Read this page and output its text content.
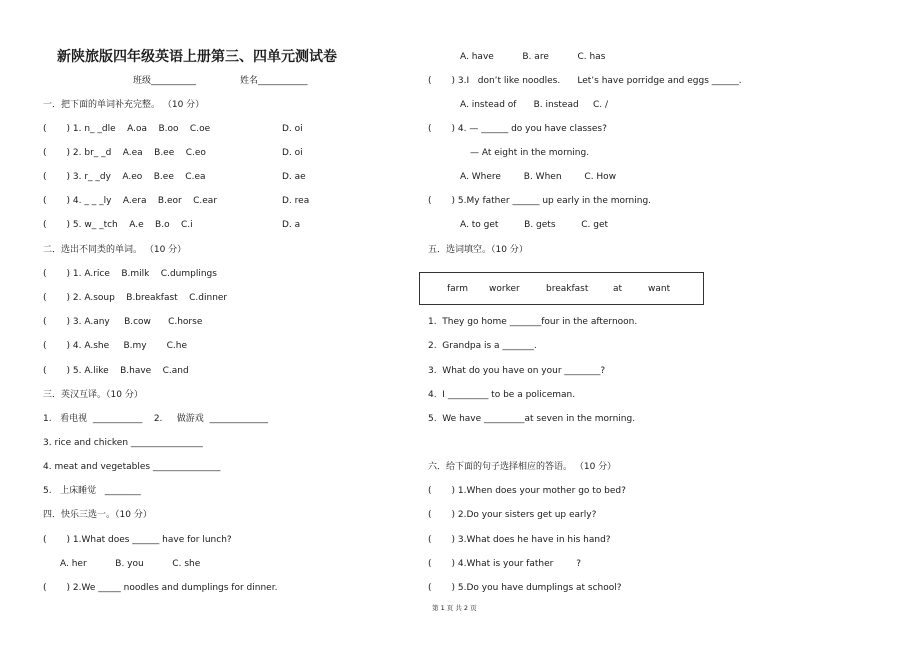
新陕旅版四年级英语上册第三、四单元测试卷
班级__________	姓名___________
一．把下面的单词补充完整。 （10 分）
(       ) 1. n_ _dle    A.oa    B.oo    C.oe	D. oi
(       ) 2. br_ _d    A.ea    B.ee    C.eo	D. oi
(       ) 3. r_ _dy    A.eo    B.ee    C.ea	D. ae
(       ) 4. _ _ _ly    A.era    B.eor    C.ear	D. rea
(       ) 5. w_ _tch    A.e    B.o    C.i	D. a
二．选出不同类的单词。 （10 分）
(       ) 1. A.rice    B.milk    C.dumplings
(       ) 2. A.soup    B.breakfast    C.dinner
(       ) 3. A.any     B.cow      C.horse
(       ) 4. A.she     B.my       C.he
(       ) 5. A.like    B.have    C.and
三．英汉互译。（10 分）
1.   看电视  ___________    2.     做游戏  _____________
3. rice and chicken ________________
4. meat and vegetables _______________
5.   上床睡觉   ________
四．快乐三选一。（10 分）
(       ) 1.What does ______ have for lunch?
A. her          B. you          C. she
(       ) 2.We _____ noodles and dumplings for dinner.
A. have          B. are          C. has
(       ) 3.I   don’t like noodles.      Let’s have porridge and eggs ______.
A. instead of      B. instead     C. /
(       ) 4. — ______ do you have classes?
— At eight in the morning.
A. Where        B. When        C. How
(       ) 5.My father ______ up early in the morning.
A. to get         B. gets         C. get
五．选词填空。（10 分）
farm worker	breakfast	at	want
1.  They go home _______four in the afternoon.
2.  Grandpa is a _______.
3.  What do you have on your ________?
4.  I _________ to be a policeman.
5.  We have _________at seven in the morning.
六．给下面的句子选择相应的答语。 （10 分）
(       ) 1.When does your mother go to bed?
(       ) 2.Do your sisters get up early?
(       ) 3.What does he have in his hand?
(       ) 4.What is your father        ?
(       ) 5.Do you have dumplings at school?
第 1 页 共 2 页
